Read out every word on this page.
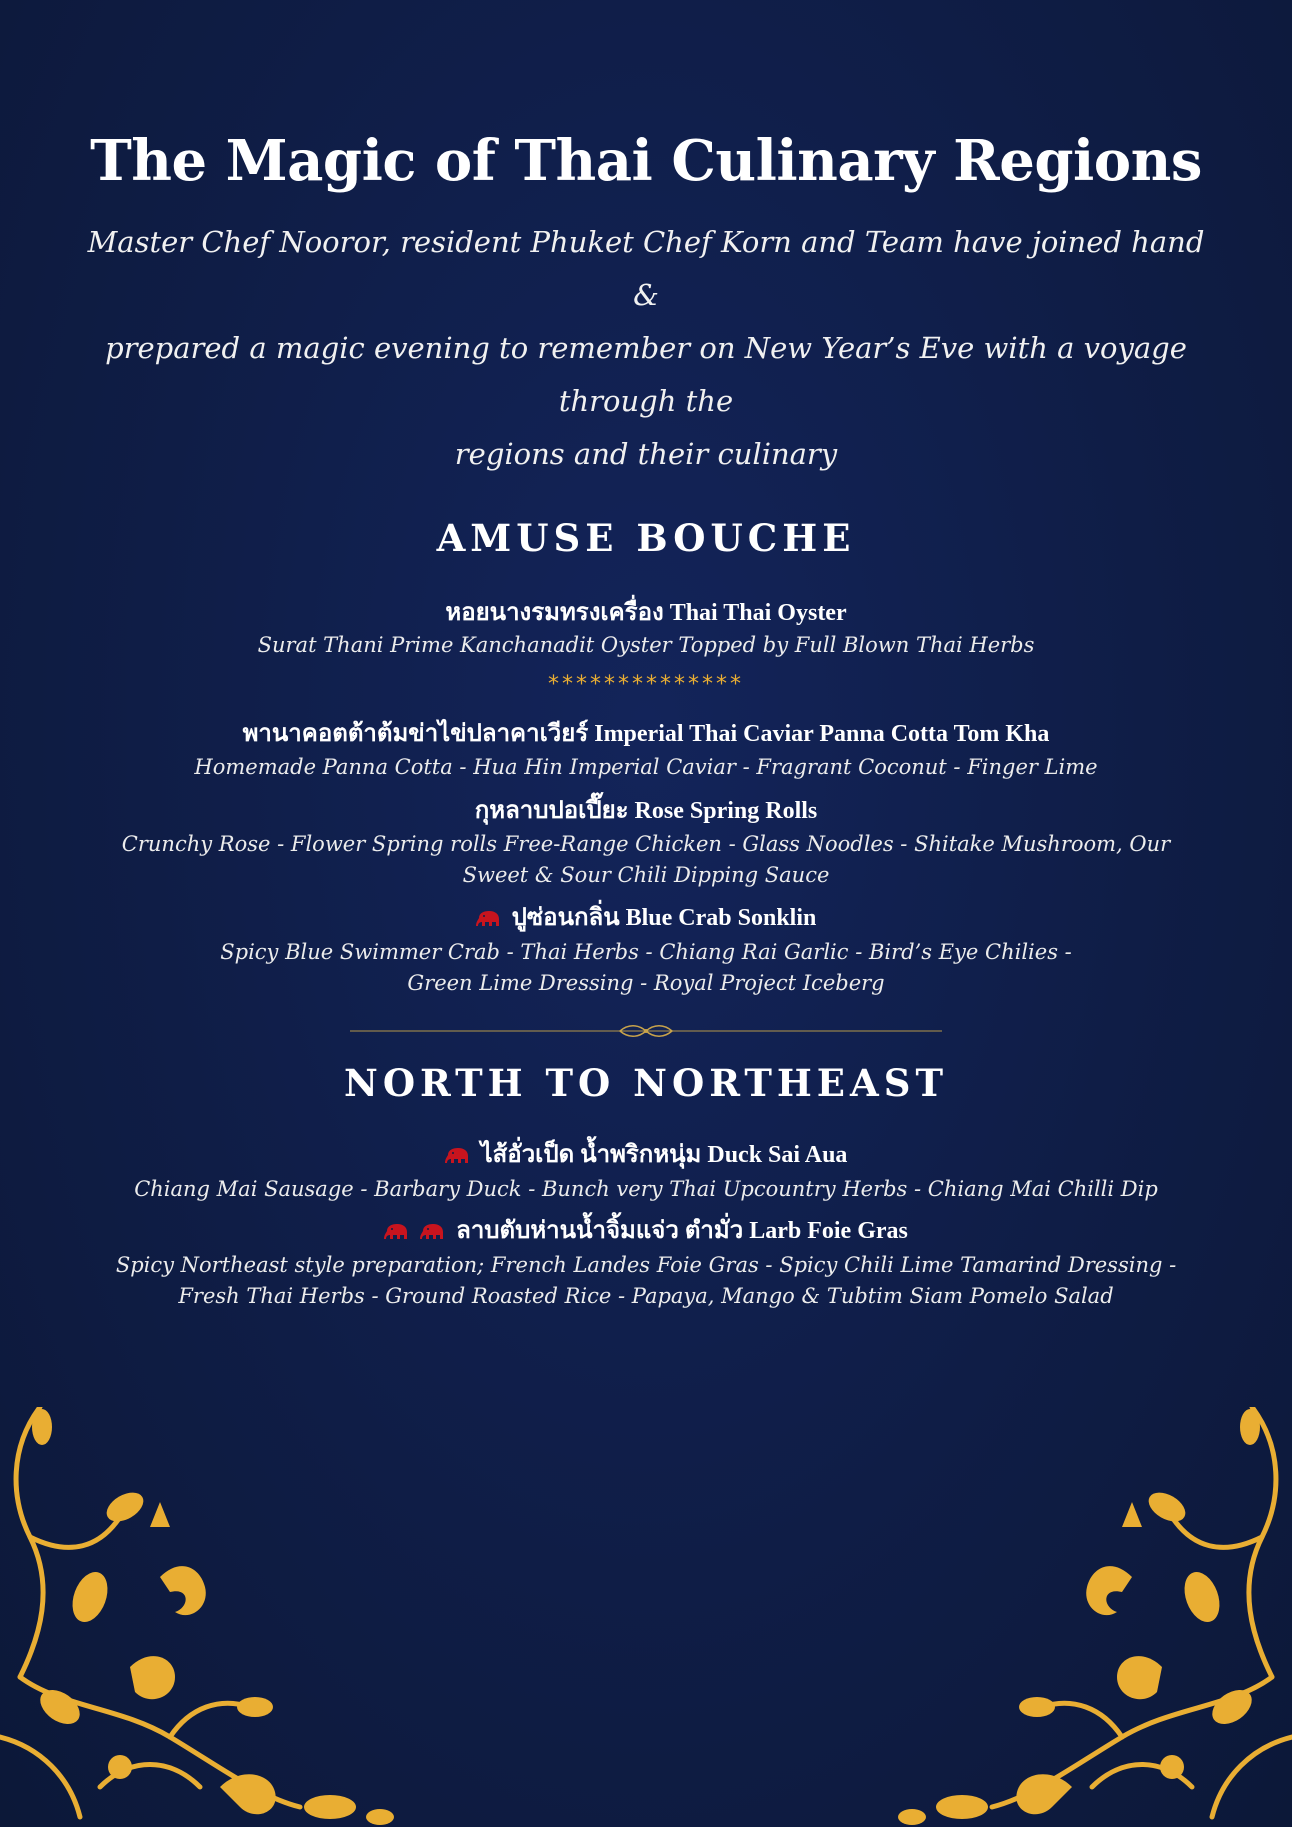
The Magic of Thai Culinary Regions

Master Chef Nooror, resident Phuket Chef Korn and Team have joined hand &
prepared a magic evening to remember on New Year’s Eve with a voyage through the
regions and their culinary

AMUSE BOUCHE
หอยนางรมทรงเครื่อง Thai Thai Oyster

Surat Thani Prime Kanchanadit Oyster Topped by Full Blown Thai Herbs

**************
พานาคอตต้าต้มข่าไข่ปลาคาเวียร์ Imperial Thai Caviar Panna Cotta Tom Kha

Homemade Panna Cotta - Hua Hin Imperial Caviar - Fragrant Coconut - Finger Lime

กุหลาบปอเปี๊ยะ Rose Spring Rolls

Crunchy Rose - Flower Spring rolls Free-Range Chicken - Glass Noodles - Shitake Mushroom, Our
Sweet & Sour Chili Dipping Sauce

ปูซ่อนกลิ่น Blue Crab Sonklin

Spicy Blue Swimmer Crab - Thai Herbs - Chiang Rai Garlic - Bird’s Eye Chilies -
Green Lime Dressing - Royal Project Iceberg

NORTH TO NORTHEAST
ไส้อั่วเป็ด น้ำพริกหนุ่ม Duck Sai Aua

Chiang Mai Sausage - Barbary Duck - Bunch very Thai Upcountry Herbs - Chiang Mai Chilli Dip

ลาบตับห่านน้ำจิ้มแจ่ว ตำมั่ว Larb Foie Gras

Spicy Northeast style preparation; French Landes Foie Gras - Spicy Chili Lime Tamarind Dressing -
Fresh Thai Herbs - Ground Roasted Rice - Papaya, Mango & Tubtim Siam Pomelo Salad
